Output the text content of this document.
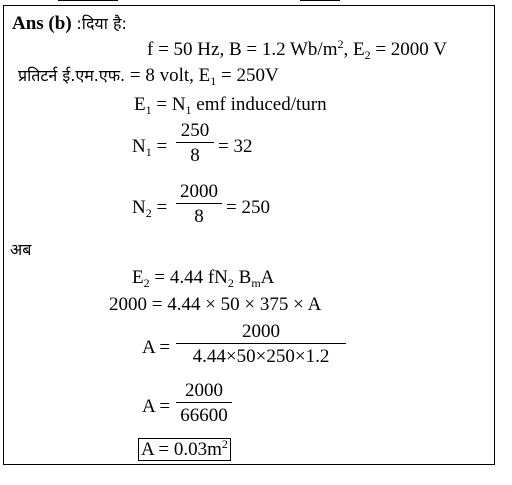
Ans (b) :दिया है:
f = 50 Hz, B = 1.2 $Wb/m^2$, $E_2 = 2000$ V
प्रतिटर्न ई.एम.एफ. = 8 volt, $E_1 = 250V$
$E_1 = N_1$ emf induced/turn
$N_1$ =
250
8 = 32
$N_2$ =
2000
8	= 250
अब
$E_2 = 4.44$ $fN_2$ $B_mA$
2000 = 4.44 × 50 × 375 × A
A =
2000
4.44×50×250×1.2
A =
2000
66600
$A = 0.03m^2$
